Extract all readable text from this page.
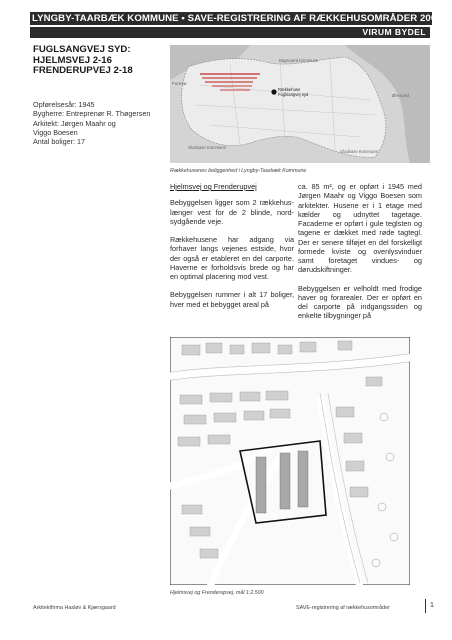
LYNGBY-TAARBÆK KOMMUNE • SAVE-REGISTRERING AF RÆKKEHUSOMRÅDER 2005
VIRUM BYDEL
FUGLSANGVEJ SYD:
HJELMSVEJ 2-16
FRENDERUPVEJ 2-18
Opførelsesår: 1945
Bygherre: Entreprenør R. Thøgersen
Arkitekt: Jørgen Maahr og
Viggo Boesen
Antal boliger: 17
Furesø
Bagsværd Kommune
Øresund
Rækkehuse
Fuglsangvej syd
Gladsaxe Kommune
Gladsaxe Kommune
Rækkehusenes beliggenhed i Lyngby-Taarbæk Kommune

Hjelmsvej og Frenderupvej

Bebyggelsen ligger som 2 rækkehus-længer vest for de 2 blinde, nord-sydgående veje.

Rækkehusene har adgang via forhaver langs vejenes estside, hvor der også er etableret en del carporte. Haverne er forholdsvis brede og har en optimal placering mod vest.

Bebyggelsen rummer i alt 17 boliger, hver med et bebygget areal på

ca. 85 m², og er opført i 1945 med Jørgen Maahr og Viggo Boesen som arkitekter. Husene er i 1 etage med kælder og udnyttet tagetage. Facaderne er opført i gule teglsten og tagene er dækket med røde tagtegl. Der er senere tilføjet en del forskelligt formede kviste og ovenlysvinduer samt foretaget vindues- og dørudskiftninger.

Bebyggelsen er velholdt med frodige haver og forarealer. Der er opført en del carporte på indgangssiden og enkelte tilbygninger på

Hjelmsvej og Frenderupvej, mål 1:2.500
Arkitektfirma Hasløv & Kjærsgaard	SAVE-registrering af rækkehusområder	1
